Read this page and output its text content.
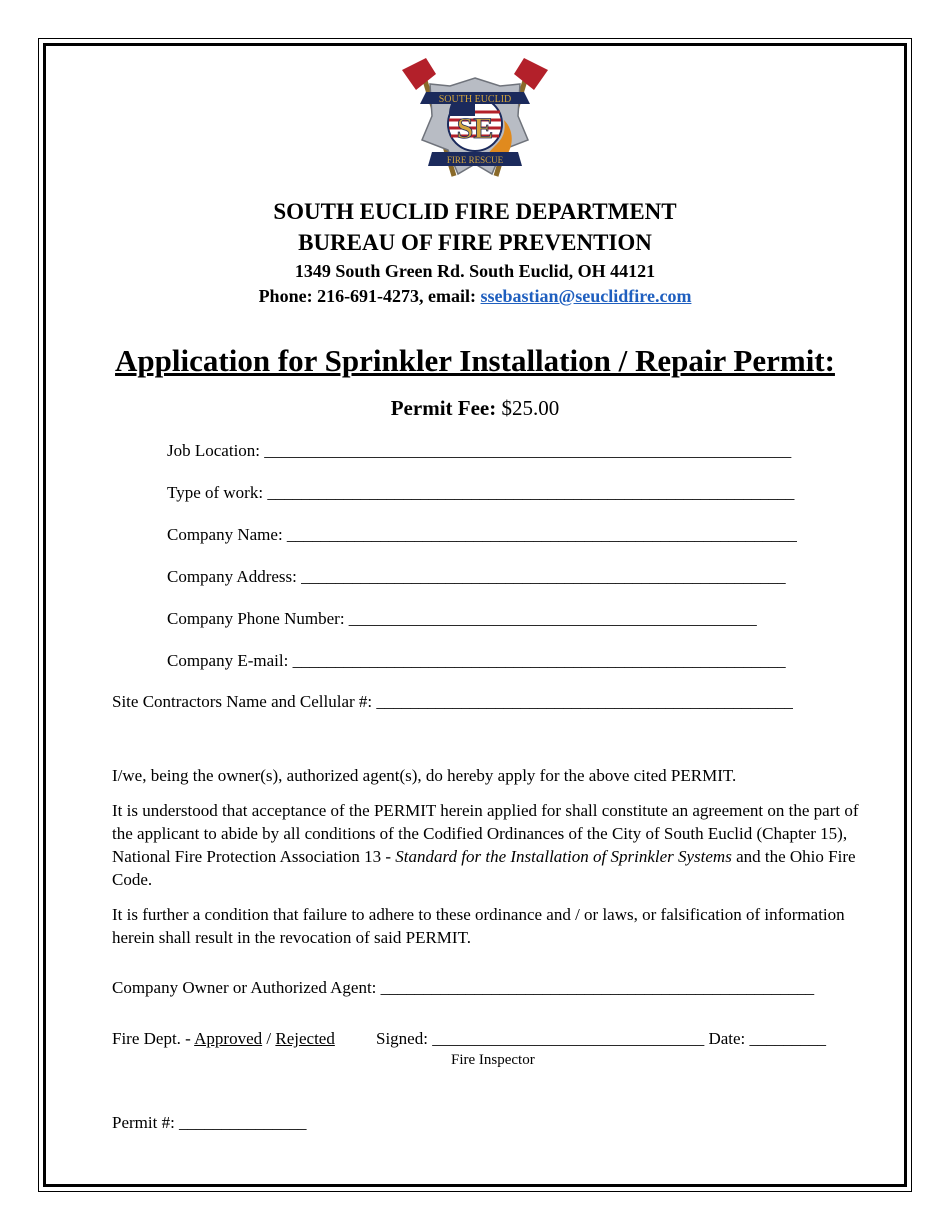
SE
SOUTH EUCLID
FIRE RESCUE
SOUTH EUCLID FIRE DEPARTMENT
BUREAU OF FIRE PREVENTION
1349 South Green Rd. South Euclid, OH 44121
Phone: 216-691-4273, email: ssebastian@seuclidfire.com
Application for Sprinkler Installation / Repair Permit:
Permit Fee: $25.00
Job Location: ______________________________________________________________
Type of work: ______________________________________________________________
Company Name: ____________________________________________________________
Company Address: _________________________________________________________
Company Phone Number: ________________________________________________
Company E-mail: __________________________________________________________
Site Contractors Name and Cellular #: _________________________________________________

I/we, being the owner(s), authorized agent(s), do hereby apply for the above cited PERMIT.

It is understood that acceptance of the PERMIT herein applied for shall constitute an agreement on the part of the applicant to abide by all conditions of the Codified Ordinances of the City of South Euclid (Chapter 15), National Fire Protection Association 13 - Standard for the Installation of Sprinkler Systems and the Ohio Fire Code.

It is further a condition that failure to adhere to these ordinance and / or laws, or falsification of information herein shall result in the revocation of said PERMIT.

Company Owner or Authorized Agent: ___________________________________________________
Fire Dept. - Approved / Rejected Signed: ________________________________ Date: _________
Fire Inspector
Permit #: _______________
